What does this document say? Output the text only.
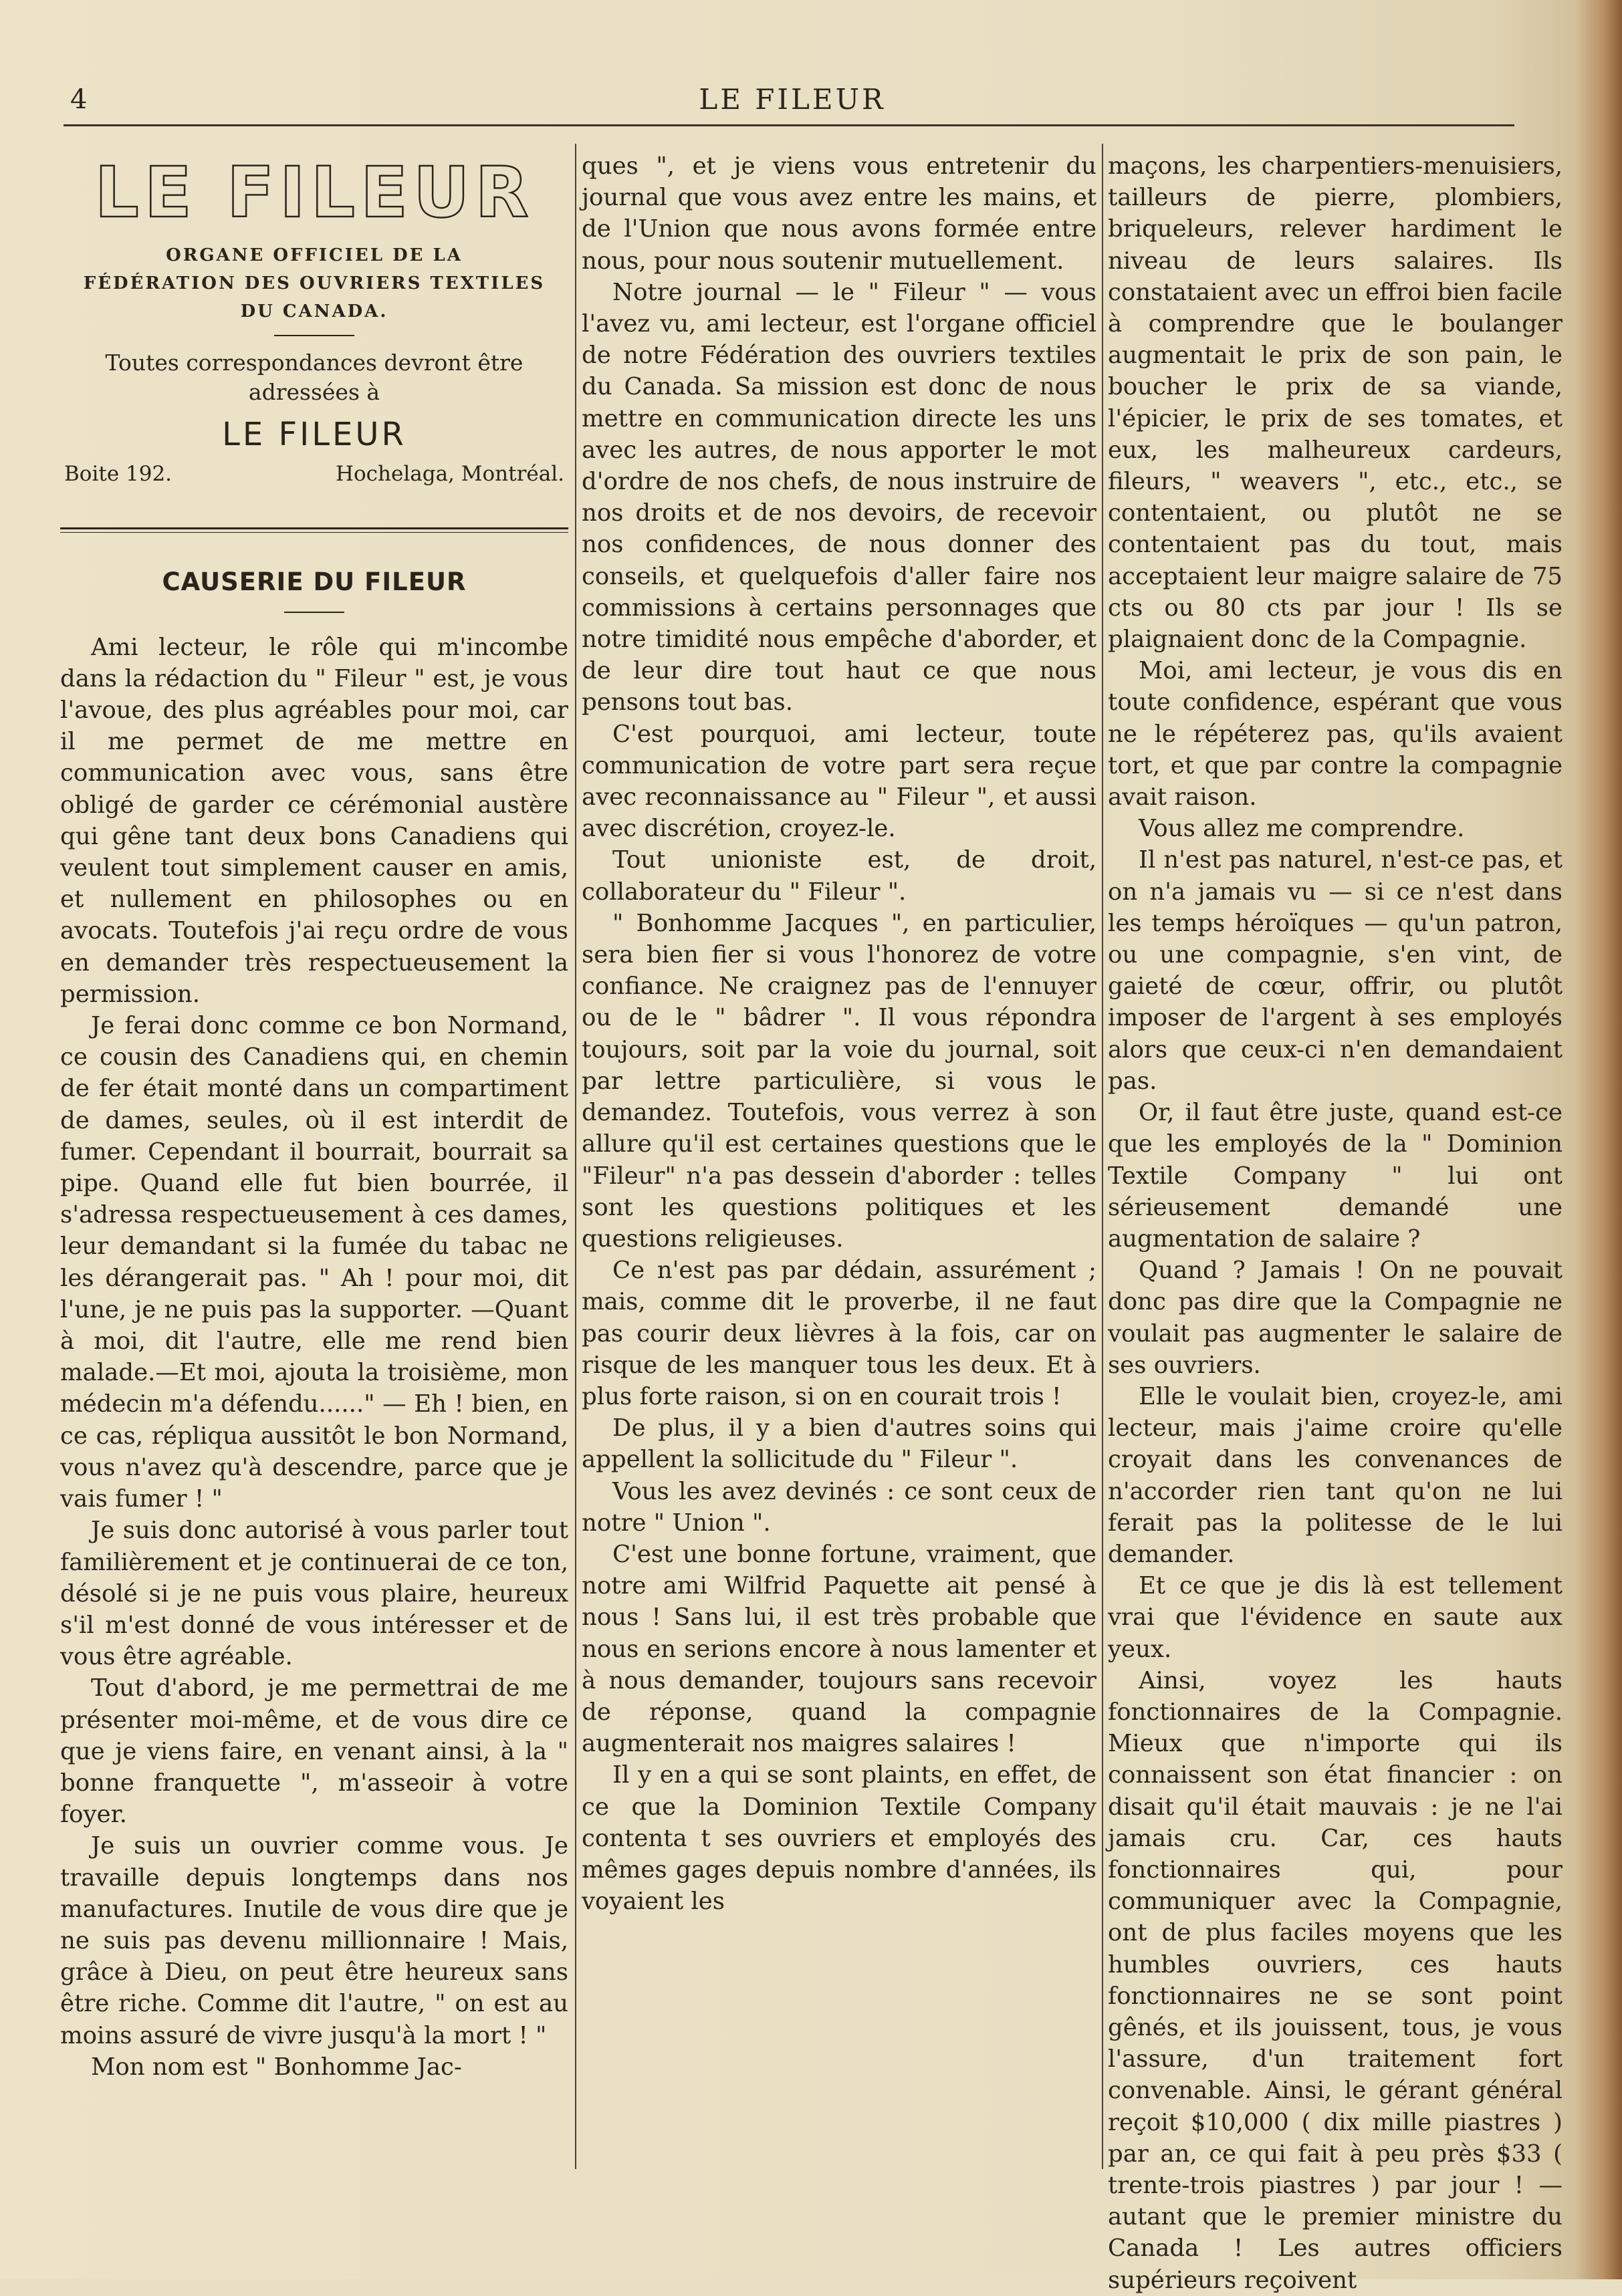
4	LE FILEUR
LE FILEUR
ORGANE OFFICIEL DE LA
FÉDÉRATION DES OUVRIERS TEXTILES
DU CANADA.
Toutes correspondances devront être
adressées à
LE FILEUR
Boite 192.	Hochelaga, Montréal.
CAUSERIE DU FILEUR

Ami lecteur, le rôle qui m'incombe dans la rédaction du " Fileur " est, je vous l'avoue, des plus agréables pour moi, car il me permet de me mettre en communication avec vous, sans être obligé de garder ce cérémonial austère qui gêne tant deux bons Canadiens qui veulent tout simplement causer en amis, et nullement en philosophes ou en avocats. Toutefois j'ai reçu ordre de vous en demander très respectueusement la permission.

Je ferai donc comme ce bon Normand, ce cousin des Canadiens qui, en chemin de fer était monté dans un compartiment de dames, seules, où il est interdit de fumer. Cependant il bourrait, bourrait sa pipe. Quand elle fut bien bourrée, il s'adressa respectueusement à ces dames, leur demandant si la fumée du tabac ne les dérangerait pas. " Ah ! pour moi, dit l'une, je ne puis pas la supporter. —Quant à moi, dit l'autre, elle me rend bien malade.—Et moi, ajouta la troisième, mon médecin m'a défendu......" — Eh ! bien, en ce cas, répliqua aussitôt le bon Normand, vous n'avez qu'à descendre, parce que je vais fumer ! "

Je suis donc autorisé à vous parler tout familièrement et je continuerai de ce ton, désolé si je ne puis vous plaire, heureux s'il m'est donné de vous intéresser et de vous être agréable.

Tout d'abord, je me permettrai de me présenter moi-même, et de vous dire ce que je viens faire, en venant ainsi, à la " bonne franquette ", m'asseoir à votre foyer.

Je suis un ouvrier comme vous. Je travaille depuis longtemps dans nos manufactures. Inutile de vous dire que je ne suis pas devenu millionnaire ! Mais, grâce à Dieu, on peut être heureux sans être riche. Comme dit l'autre, " on est au moins assuré de vivre jusqu'à la mort ! "

Mon nom est " Bonhomme Jac-

ques ", et je viens vous entretenir du journal que vous avez entre les mains, et de l'Union que nous avons formée entre nous, pour nous soutenir mutuellement.

Notre journal — le " Fileur " — vous l'avez vu, ami lecteur, est l'organe officiel de notre Fédération des ouvriers textiles du Canada. Sa mission est donc de nous mettre en communication directe les uns avec les autres, de nous apporter le mot d'ordre de nos chefs, de nous instruire de nos droits et de nos devoirs, de recevoir nos confidences, de nous donner des conseils, et quelquefois d'aller faire nos commissions à certains personnages que notre timidité nous empêche d'aborder, et de leur dire tout haut ce que nous pensons tout bas.

C'est pourquoi, ami lecteur, toute communication de votre part sera reçue avec reconnaissance au " Fileur ", et aussi avec discrétion, croyez-le.

Tout unioniste est, de droit, collaborateur du " Fileur ".

" Bonhomme Jacques ", en particulier, sera bien fier si vous l'honorez de votre confiance. Ne craignez pas de l'ennuyer ou de le " bâdrer ". Il vous répondra toujours, soit par la voie du journal, soit par lettre particulière, si vous le demandez. Toutefois, vous verrez à son allure qu'il est certaines questions que le "Fileur" n'a pas dessein d'aborder : telles sont les questions politiques et les questions religieuses.

Ce n'est pas par dédain, assurément ; mais, comme dit le proverbe, il ne faut pas courir deux lièvres à la fois, car on risque de les manquer tous les deux. Et à plus forte raison, si on en courait trois !

De plus, il y a bien d'autres soins qui appellent la sollicitude du " Fileur ".

Vous les avez devinés : ce sont ceux de notre " Union ".

C'est une bonne fortune, vraiment, que notre ami Wilfrid Paquette ait pensé à nous ! Sans lui, il est très probable que nous en serions encore à nous lamenter et à nous demander, toujours sans recevoir de réponse, quand la compagnie augmenterait nos maigres salaires !

Il y en a qui se sont plaints, en effet, de ce que la Dominion Textile Company contenta t ses ouvriers et employés des mêmes gages depuis nombre d'années, ils voyaient les

maçons, les charpentiers-menuisiers, tailleurs de pierre, plombiers, briqueleurs, relever hardiment le niveau de leurs salaires. Ils constataient avec un effroi bien facile à comprendre que le boulanger augmentait le prix de son pain, le boucher le prix de sa viande, l'épicier, le prix de ses tomates, et eux, les malheureux cardeurs, fileurs, " weavers ", etc., etc., se contentaient, ou plutôt ne se contentaient pas du tout, mais acceptaient leur maigre salaire de 75 cts ou 80 cts par jour ! Ils se plaignaient donc de la Compagnie.

Moi, ami lecteur, je vous dis en toute confidence, espérant que vous ne le répéterez pas, qu'ils avaient tort, et que par contre la compagnie avait raison.

Vous allez me comprendre.

Il n'est pas naturel, n'est-ce pas, et on n'a jamais vu — si ce n'est dans les temps héroïques — qu'un patron, ou une compagnie, s'en vint, de gaieté de cœur, offrir, ou plutôt imposer de l'argent à ses employés alors que ceux-ci n'en demandaient pas.

Or, il faut être juste, quand est-ce que les employés de la " Dominion Textile Company " lui ont sérieusement demandé une augmentation de salaire ?

Quand ? Jamais ! On ne pouvait donc pas dire que la Compagnie ne voulait pas augmenter le salaire de ses ouvriers.

Elle le voulait bien, croyez-le, ami lecteur, mais j'aime croire qu'elle croyait dans les convenances de n'accorder rien tant qu'on ne lui ferait pas la politesse de le lui demander.

Et ce que je dis là est tellement vrai que l'évidence en saute aux yeux.

Ainsi, voyez les hauts fonctionnaires de la Compagnie. Mieux que n'importe qui ils connaissent son état financier : on disait qu'il était mauvais : je ne l'ai jamais cru. Car, ces hauts fonctionnaires qui, pour communiquer avec la Compagnie, ont de plus faciles moyens que les humbles ouvriers, ces hauts fonctionnaires ne se sont point gênés, et ils jouissent, tous, je vous l'assure, d'un traitement fort convenable. Ainsi, le gérant général reçoit $10,000 ( dix mille piastres ) par an, ce qui fait à peu près $33 ( trente-trois piastres ) par jour ! — autant que le premier ministre du Canada ! Les autres officiers supérieurs reçoivent
